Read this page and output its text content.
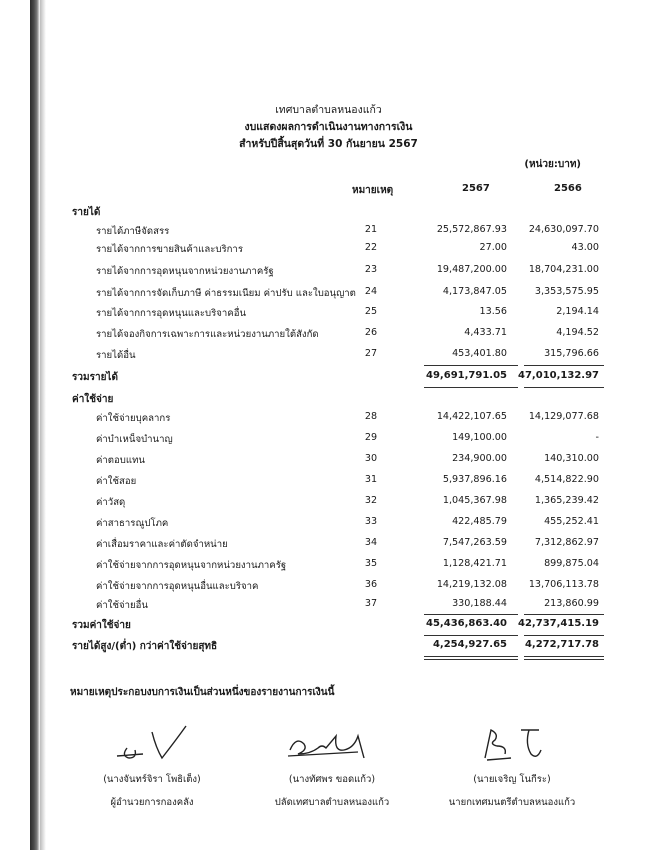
เทศบาลตำบลหนองแก้ว
งบแสดงผลการดำเนินงานทางการเงิน
สำหรับปีสิ้นสุดวันที่ 30 กันยายน 2567
(หน่วย:บาท)
หมายเหตุ	2567	2566
รายได้
รายได้ภาษีจัดสรร	21	25,572,867.93 24,630,097.70
รายได้จากการขายสินค้าและบริการ	22	27.00	43.00
รายได้จากการอุดหนุนจากหน่วยงานภาครัฐ	23	19,487,200.00 18,704,231.00
รายได้จากการจัดเก็บภาษี ค่าธรรมเนียม ค่าปรับ และใบอนุญาต 24	4,173,847.05	3,353,575.95
รายได้จากการอุดหนุนและบริจาคอื่น	25	13.56	2,194.14
รายได้จองกิจการเฉพาะการและหน่วยงานภายใต้สังกัด	26	4,433.71	4,194.52
รายได้อื่น	27	453,401.80	315,796.66
รวมรายได้	49,691,791.05 47,010,132.97
ค่าใช้จ่าย
ค่าใช้จ่ายบุคลากร	28	14,422,107.65 14,129,077.68
ค่าบำเหน็จบำนาญ	29	149,100.00	-
ค่าตอบแทน	30	234,900.00	140,310.00
ค่าใช้สอย	31	5,937,896.16	4,514,822.90
ค่าวัสดุ	32	1,045,367.98	1,365,239.42
ค่าสาธารณูปโภค	33	422,485.79	455,252.41
ค่าเสื่อมราคาและค่าตัดจำหน่าย	34	7,547,263.59	7,312,862.97
ค่าใช้จ่ายจากการอุดหนุนจากหน่วยงานภาครัฐ	35	1,128,421.71	899,875.04
ค่าใช้จ่ายจากการอุดหนุนอื่นและบริจาค	36	14,219,132.08 13,706,113.78
ค่าใช้จ่ายอื่น	37	330,188.44	213,860.99
รวมค่าใช้จ่าย	45,436,863.40 42,737,415.19
รายได้สูง/(ต่ำ) กว่าค่าใช้จ่ายสุทธิ	4,254,927.65 4,272,717.78
หมายเหตุประกอบงบการเงินเป็นส่วนหนึ่งของรายงานการเงินนี้
(นางจันทร์จิรา โพธิเต็ง)
ผู้อำนวยการกองคลัง
(นางทัศพร ขอดแก้ว)
ปลัดเทศบาลตำบลหนองแก้ว
(นายเจริญ โนกีระ)
นายกเทศมนตรีตำบลหนองแก้ว
